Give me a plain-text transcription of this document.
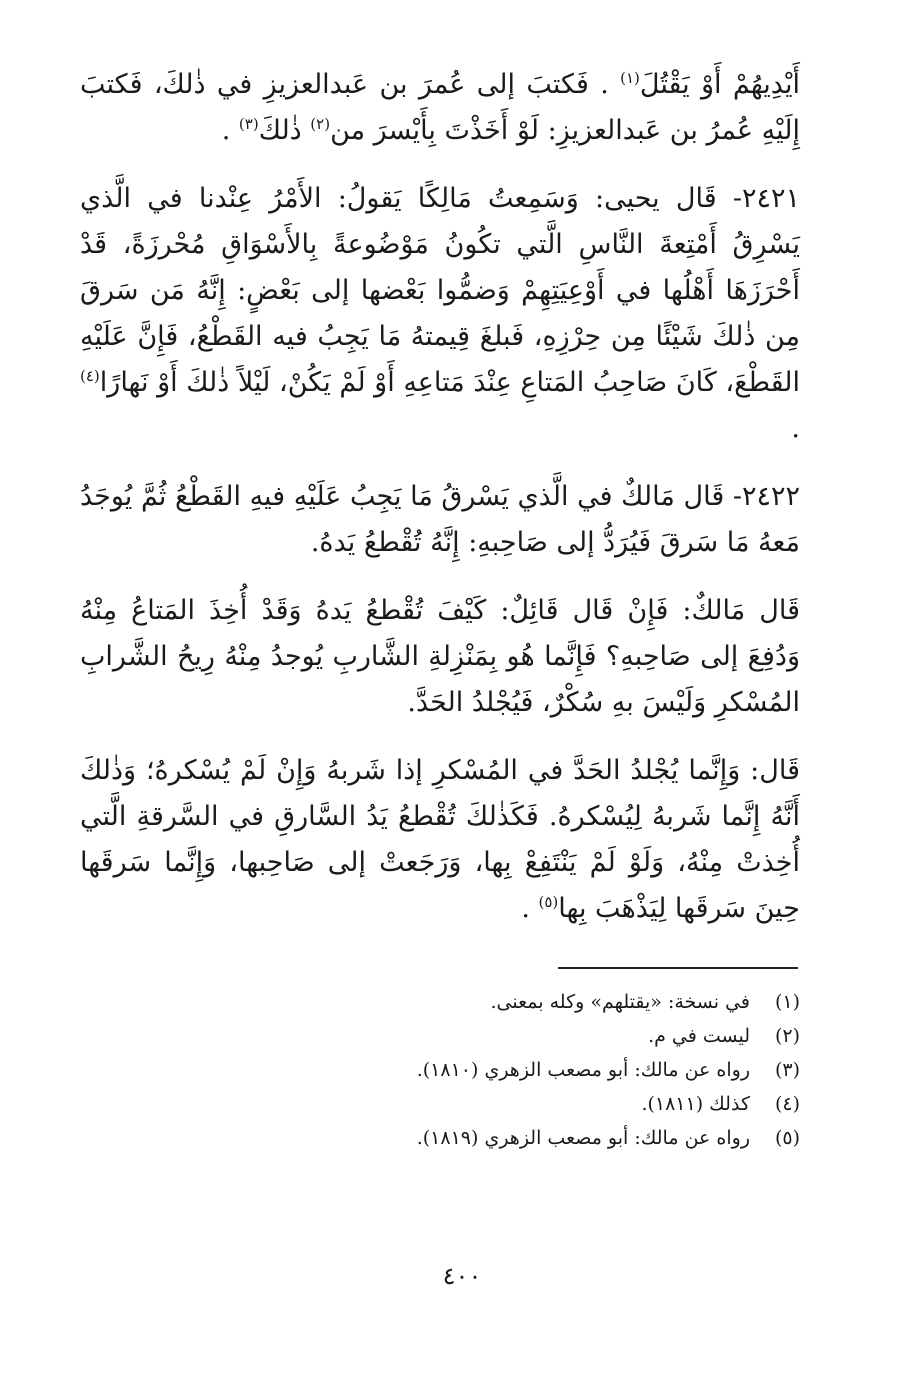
أَيْدِيهُمْ أَوْ يَقْتُلَ$^{(١)}$ . فَكتبَ إلى عُمرَ بن عَبدالعزيزِ في ذٰلكَ، فَكتبَ إِلَيْهِ عُمرُ بن عَبدالعزيزِ: لَوْ أَخَذْتَ بِأَيْسرَ من$^{(٢)}$ ذٰلكَ$^{(٣)}$ .

٢٤٢١- قَال يحيى: وَسَمِعتُ مَالِكًا يَقولُ: الأَمْرُ عِنْدنا في الَّذي يَسْرِقُ أَمْتِعةَ النَّاسِ الَّتي تكُونُ مَوْضُوعةً بِالأَسْوَاقِ مُحْرزَةً، قَدْ أَحْرَزَهَا أَهْلُها في أَوْعِيَتِهِمْ وَضمُّوا بَعْضها إلى بَعْضٍ: إِنَّهُ مَن سَرقَ مِن ذٰلكَ شَيْئًا مِن حِرْزِهِ، فَبلغَ قِيمتهُ مَا يَجِبُ فيه القَطْعُ، فَإِنَّ عَلَيْهِ القَطْعَ، كَانَ صَاحِبُ المَتاعِ عِنْدَ مَتاعِهِ أَوْ لَمْ يَكُنْ، لَيْلاً ذٰلكَ أَوْ نَهارًا$^{(٤)}$ .

٢٤٢٢- قَال مَالكٌ في الَّذي يَسْرقُ مَا يَجِبُ عَلَيْهِ فيهِ القَطْعُ ثُمَّ يُوجَدُ مَعهُ مَا سَرقَ فَيُرَدُّ إلى صَاحِبهِ: إِنَّهُ تُقْطعُ يَدهُ.

قَال مَالكٌ: فَإِنْ قَال قَائِلٌ: كَيْفَ تُقْطعُ يَدهُ وَقَدْ أُخِذَ المَتاعُ مِنْهُ وَدُفِعَ إلى صَاحِبهِ؟ فَإِنَّما هُو بِمَنْزِلةِ الشَّاربِ يُوجدُ مِنْهُ رِيحُ الشَّرابِ المُسْكرِ وَلَيْسَ بهِ سُكْرٌ، فَيُجْلدُ الحَدَّ.

قَال: وَإِنَّما يُجْلدُ الحَدَّ في المُسْكرِ إذا شَربهُ وَإِنْ لَمْ يُسْكرهُ؛ وَذٰلكَ أَنَّهُ إِنَّما شَربهُ لِيُسْكرهُ. فَكَذٰلكَ تُقْطعُ يَدُ السَّارقِ في السَّرقةِ الَّتي أُخِذتْ مِنْهُ، وَلَوْ لَمْ يَنْتَفِعْ بِها، وَرَجَعتْ إلى صَاحِبها، وَإِنَّما سَرقَها حِينَ سَرقَها لِيَذْهَبَ بِها$^{(٥)}$ .

(١)
في نسخة: «يقتلهم» وكله بمعنى.
(٢)
ليست في م.
(٣)
رواه عن مالك: أبو مصعب الزهري (١٨١٠).
(٤)
كذلك (١٨١١).
(٥)
رواه عن مالك: أبو مصعب الزهري (١٨١٩).
٤٠٠
